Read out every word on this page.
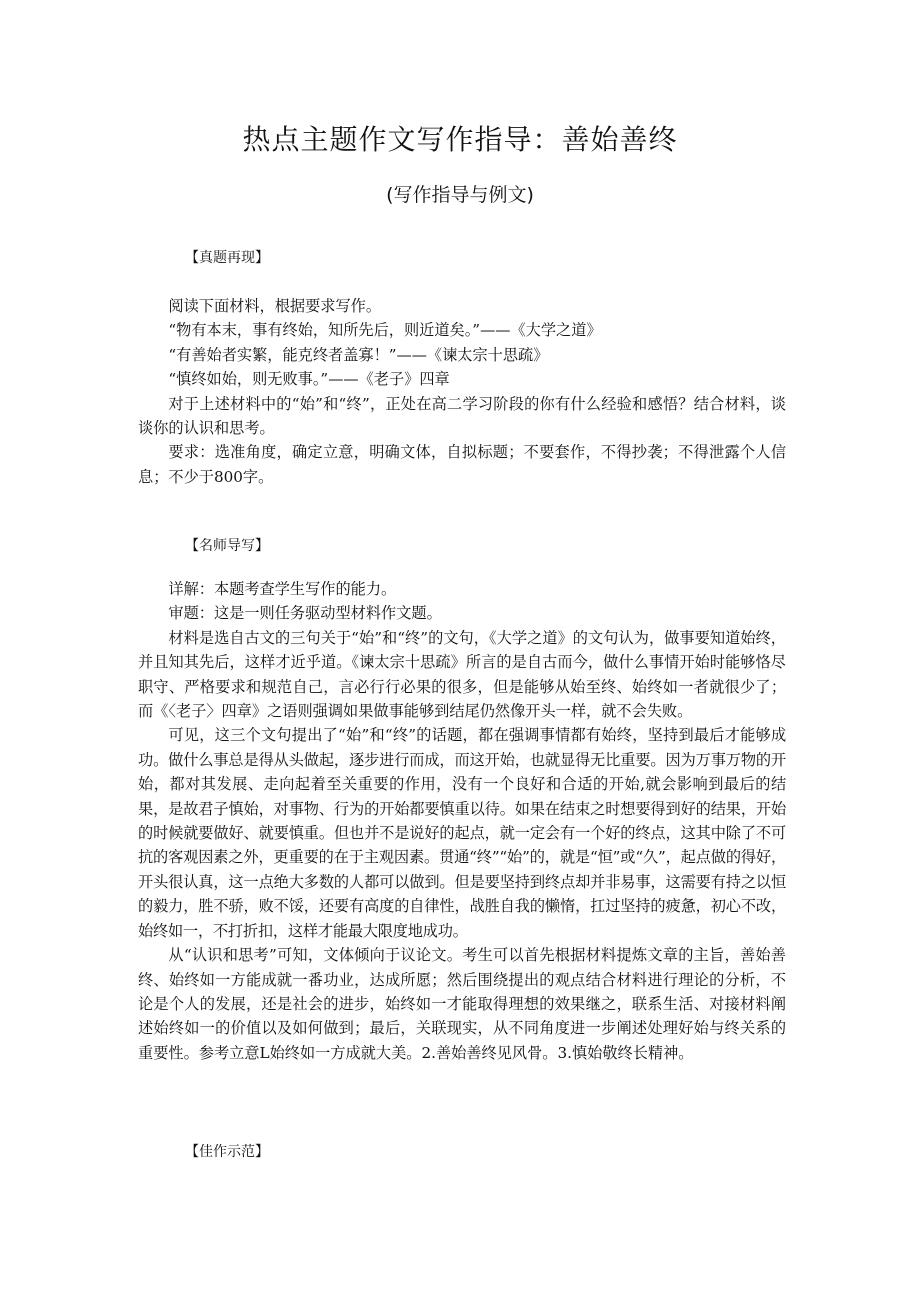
热点主题作文写作指导：善始善终
(写作指导与例文)
【真题再现】

阅读下面材料，根据要求写作。

“物有本末，事有终始，知所先后，则近道矣。”——《大学之道》

“有善始者实繁，能克终者盖寡！”——《谏太宗十思疏》

“慎终如始，则无败事。”——《老子》四章

对于上述材料中的“始”和“终”，正处在高二学习阶段的你有什么经验和感悟？结合材料，谈谈你的认识和思考。

要求：选准角度，确定立意，明确文体，自拟标题；不要套作，不得抄袭；不得泄露个人信息；不少于800字。

【名师导写】

详解：本题考查学生写作的能力。

审题：这是一则任务驱动型材料作文题。

材料是选自古文的三句关于“始”和“终”的文句，《大学之道》的文句认为，做事要知道始终，并且知其先后，这样才近乎道。《谏太宗十思疏》所言的是自古而今，做什么事情开始时能够恪尽职守、严格要求和规范自己，言必行行必果的很多，但是能够从始至终、始终如一者就很少了；而《〈老子〉四章》之语则强调如果做事能够到结尾仍然像开头一样，就不会失败。

可见，这三个文句提出了“始”和“终”的话题，都在强调事情都有始终，坚持到最后才能够成功。做什么事总是得从头做起，逐步进行而成，而这开始，也就显得无比重要。因为万事万物的开始，都对其发展、走向起着至关重要的作用，没有一个良好和合适的开始,就会影响到最后的结果，是故君子慎始，对事物、行为的开始都要慎重以待。如果在结束之时想要得到好的结果，开始的时候就要做好、就要慎重。但也并不是说好的起点，就一定会有一个好的终点，这其中除了不可抗的客观因素之外，更重要的在于主观因素。贯通“终”“始”的，就是“恒”或“久”，起点做的得好，开头很认真，这一点绝大多数的人都可以做到。但是要坚持到终点却并非易事，这需要有持之以恒的毅力，胜不骄，败不馁，还要有高度的自律性，战胜自我的懒惰，扛过坚持的疲惫，初心不改，始终如一，不打折扣，这样才能最大限度地成功。

从“认识和思考”可知，文体倾向于议论文。考生可以首先根据材料提炼文章的主旨，善始善终、始终如一方能成就一番功业，达成所愿；然后围绕提出的观点结合材料进行理论的分析，不论是个人的发展，还是社会的进步，始终如一才能取得理想的效果继之，联系生活、对接材料阐述始终如一的价值以及如何做到；最后，关联现实，从不同角度进一步阐述处理好始与终关系的重要性。参考立意L始终如一方成就大美。2.善始善终见风骨。3.慎始敬终长精神。

【佳作示范】
